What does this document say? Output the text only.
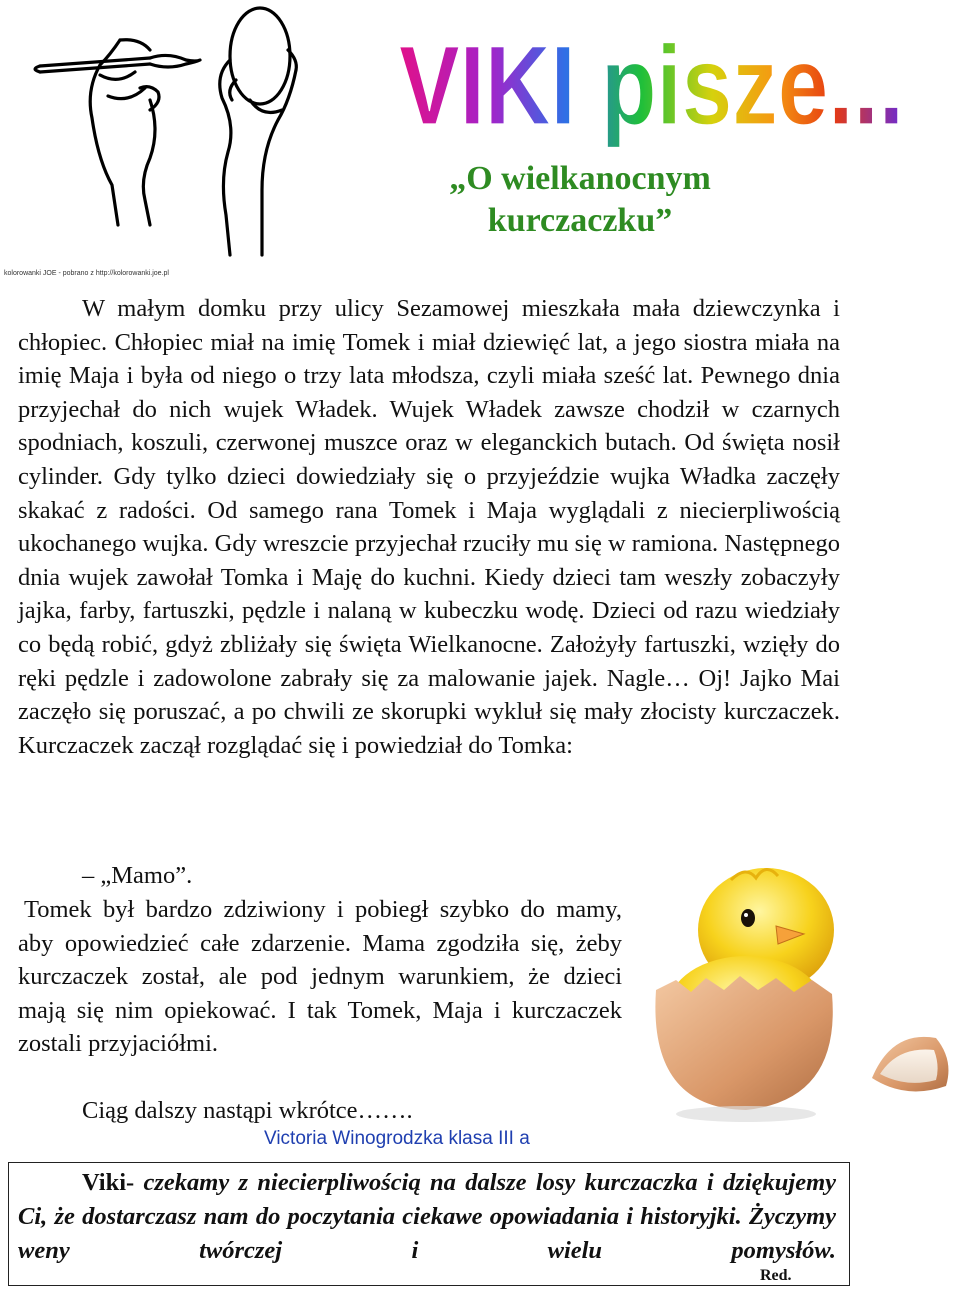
kolorowanki JOE - pobrano z http://kolorowanki.joe.pl
VIKI pisze...
„O wielkanocnym kurczaczku”

W małym domku przy ulicy Sezamowej mieszkała mała dziewczynka i chłopiec. Chłopiec miał na imię Tomek i miał dziewięć lat, a jego siostra miała na imię Maja i była od niego o trzy lata młodsza, czyli miała sześć lat. Pewnego dnia przyjechał do nich wujek Władek. Wujek Władek zawsze chodził w czarnych spodniach, koszuli, czerwonej muszce oraz w eleganckich butach. Od święta nosił cylinder. Gdy tylko dzieci dowiedziały się o przyjeździe wujka Władka zaczęły skakać z radości. Od samego rana Tomek i Maja wyglądali z niecierpliwością ukochanego wujka. Gdy wreszcie przyjechał rzuciły mu się w ramiona. Następnego dnia wujek zawołał Tomka i Maję do kuchni. Kiedy dzieci tam weszły zobaczyły jajka, farby, fartuszki, pędzle i nalaną w kubeczku wodę. Dzieci od razu wiedziały co będą robić, gdyż zbliżały się święta Wielkanocne. Założyły fartuszki, wzięły do ręki pędzle i zadowolone zabrały się za malowanie jajek. Nagle… Oj! Jajko Mai zaczęło się poruszać, a po chwili ze skorupki wykluł się mały złocisty kurczaczek. Kurczaczek zaczął rozglądać się i powiedział do Tomka:

– „Mamo”.

Tomek był bardzo zdziwiony i pobiegł szybko do mamy, aby opowiedzieć całe zdarzenie. Mama zgodziła się, żeby kurczaczek został, ale pod jednym warunkiem, że dzieci mają się nim opiekować. I tak Tomek, Maja i kurczaczek zostali przyjaciółmi.

Ciąg dalszy nastąpi wkrótce…….

Victoria Winogrodzka klasa III a

Viki- czekamy z niecierpliwością na dalsze losy kurczaczka i dziękujemy Ci, że dostarczasz nam do poczytania ciekawe opowiadania i historyjki. Życzymy weny twórczej i wielu pomysłów.

Red.
